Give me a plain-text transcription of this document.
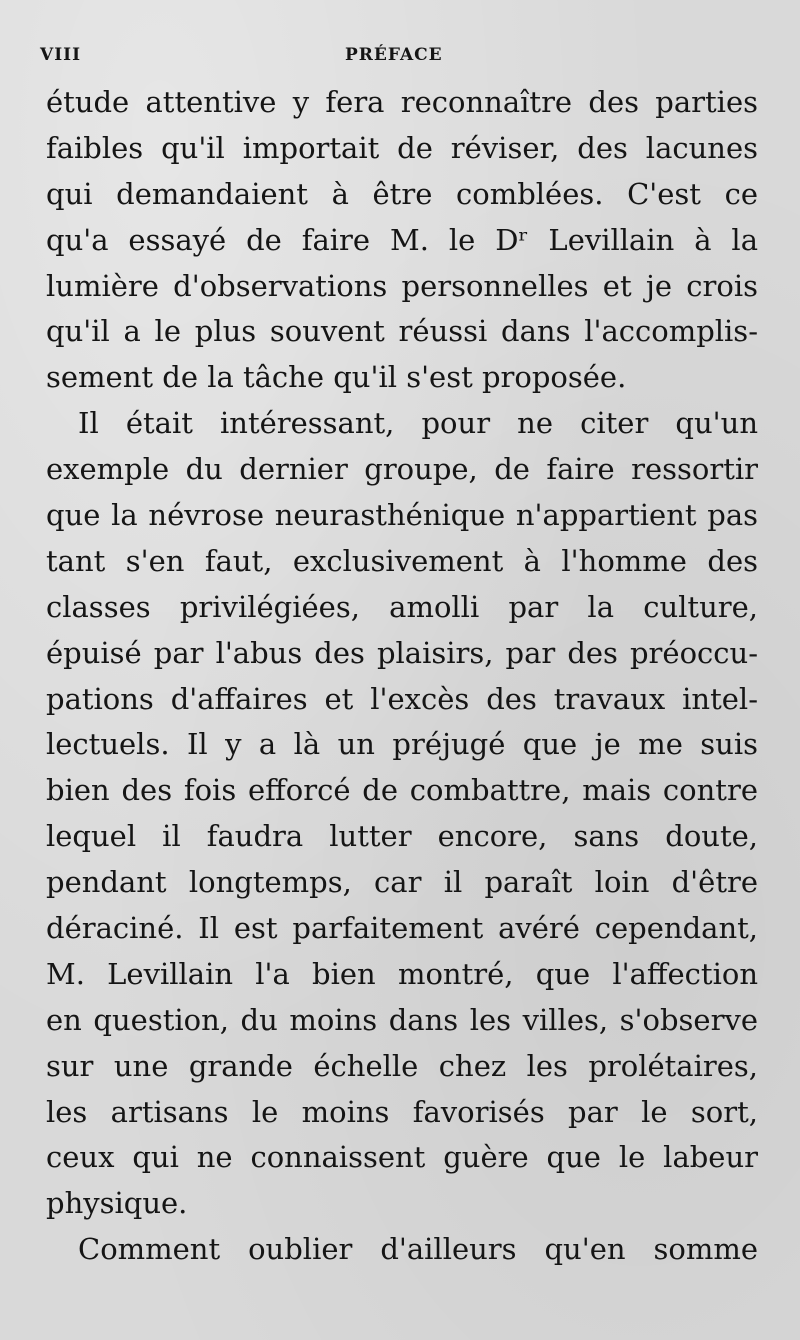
VIII	PRÉFACE
étude attentive y fera reconnaître des parties
faibles qu'il importait de réviser, des lacunes
qui demandaient à être comblées. C'est ce
qu'a essayé de faire M. le Dʳ Levillain à la
lumière d'observations personnelles et je crois
qu'il a le plus souvent réussi dans l'accomplis-
sement de la tâche qu'il s'est proposée.
Il était intéressant, pour ne citer qu'un
exemple du dernier groupe, de faire ressortir
que la névrose neurasthénique n'appartient pas
tant s'en faut, exclusivement à l'homme des
classes privilégiées, amolli par la culture,
épuisé par l'abus des plaisirs, par des préoccu-
pations d'affaires et l'excès des travaux intel-
lectuels. Il y a là un préjugé que je me suis
bien des fois efforcé de combattre, mais contre
lequel il faudra lutter encore, sans doute,
pendant longtemps, car il paraît loin d'être
déraciné. Il est parfaitement avéré cependant,
M. Levillain l'a bien montré, que l'affection
en question, du moins dans les villes, s'observe
sur une grande échelle chez les prolétaires,
les artisans le moins favorisés par le sort,
ceux qui ne connaissent guère que le labeur
physique.
Comment oublier d'ailleurs qu'en somme
